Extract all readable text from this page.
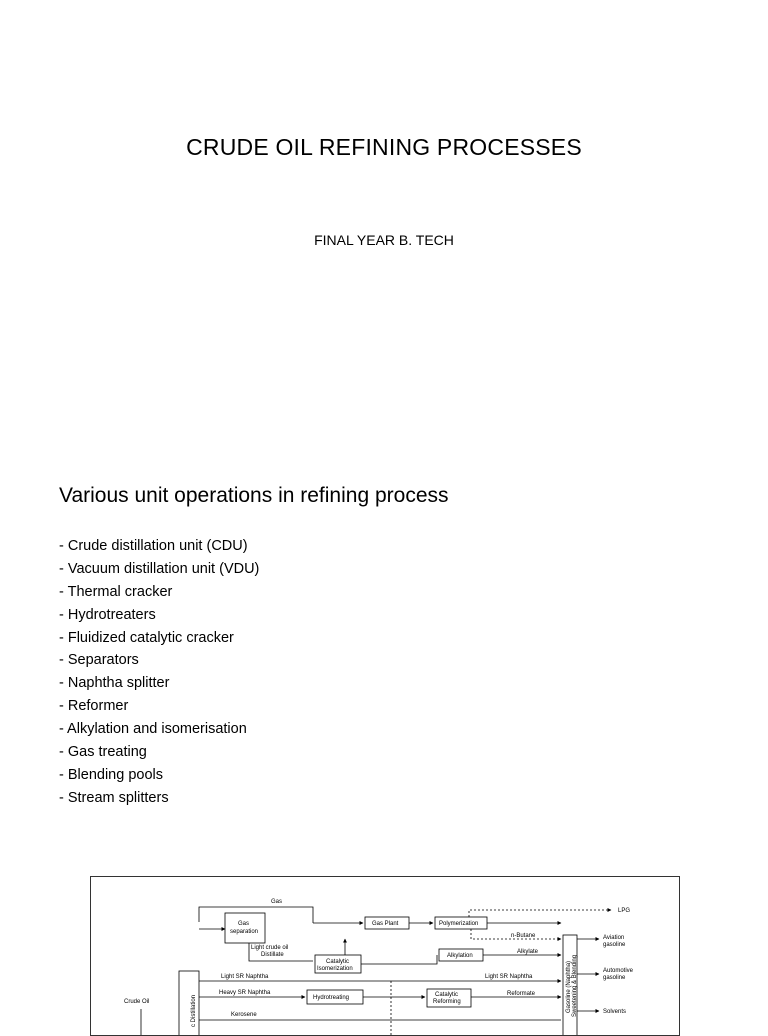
CRUDE OIL REFINING PROCESSES
FINAL YEAR B. TECH
Various unit operations in refining process
- Crude distillation unit (CDU)
- Vacuum distillation unit (VDU)
- Thermal cracker
- Hydrotreaters
- Fluidized catalytic cracker
- Separators
- Naphtha splitter
- Reformer
- Alkylation and isomerisation
- Gas treating
- Blending pools
- Stream splitters
Gas
Gas
separation
Gas Plant	Polymerization
LPG
n-Butane
Alkylation
Alkylate
Light crude oil
Distillate
Catalytic
Isomerization
Light SR Naphtha	Light SR Naphtha
Heavy SR Naphtha
Hydrotreating	Catalytic
Reforming
Reformate
Kerosene
Crude Oil	c Distillation	Gasoline (Naphtha) Sweetening & Blending
Aviation
gasoline
Automotive
gasoline
Solvents
